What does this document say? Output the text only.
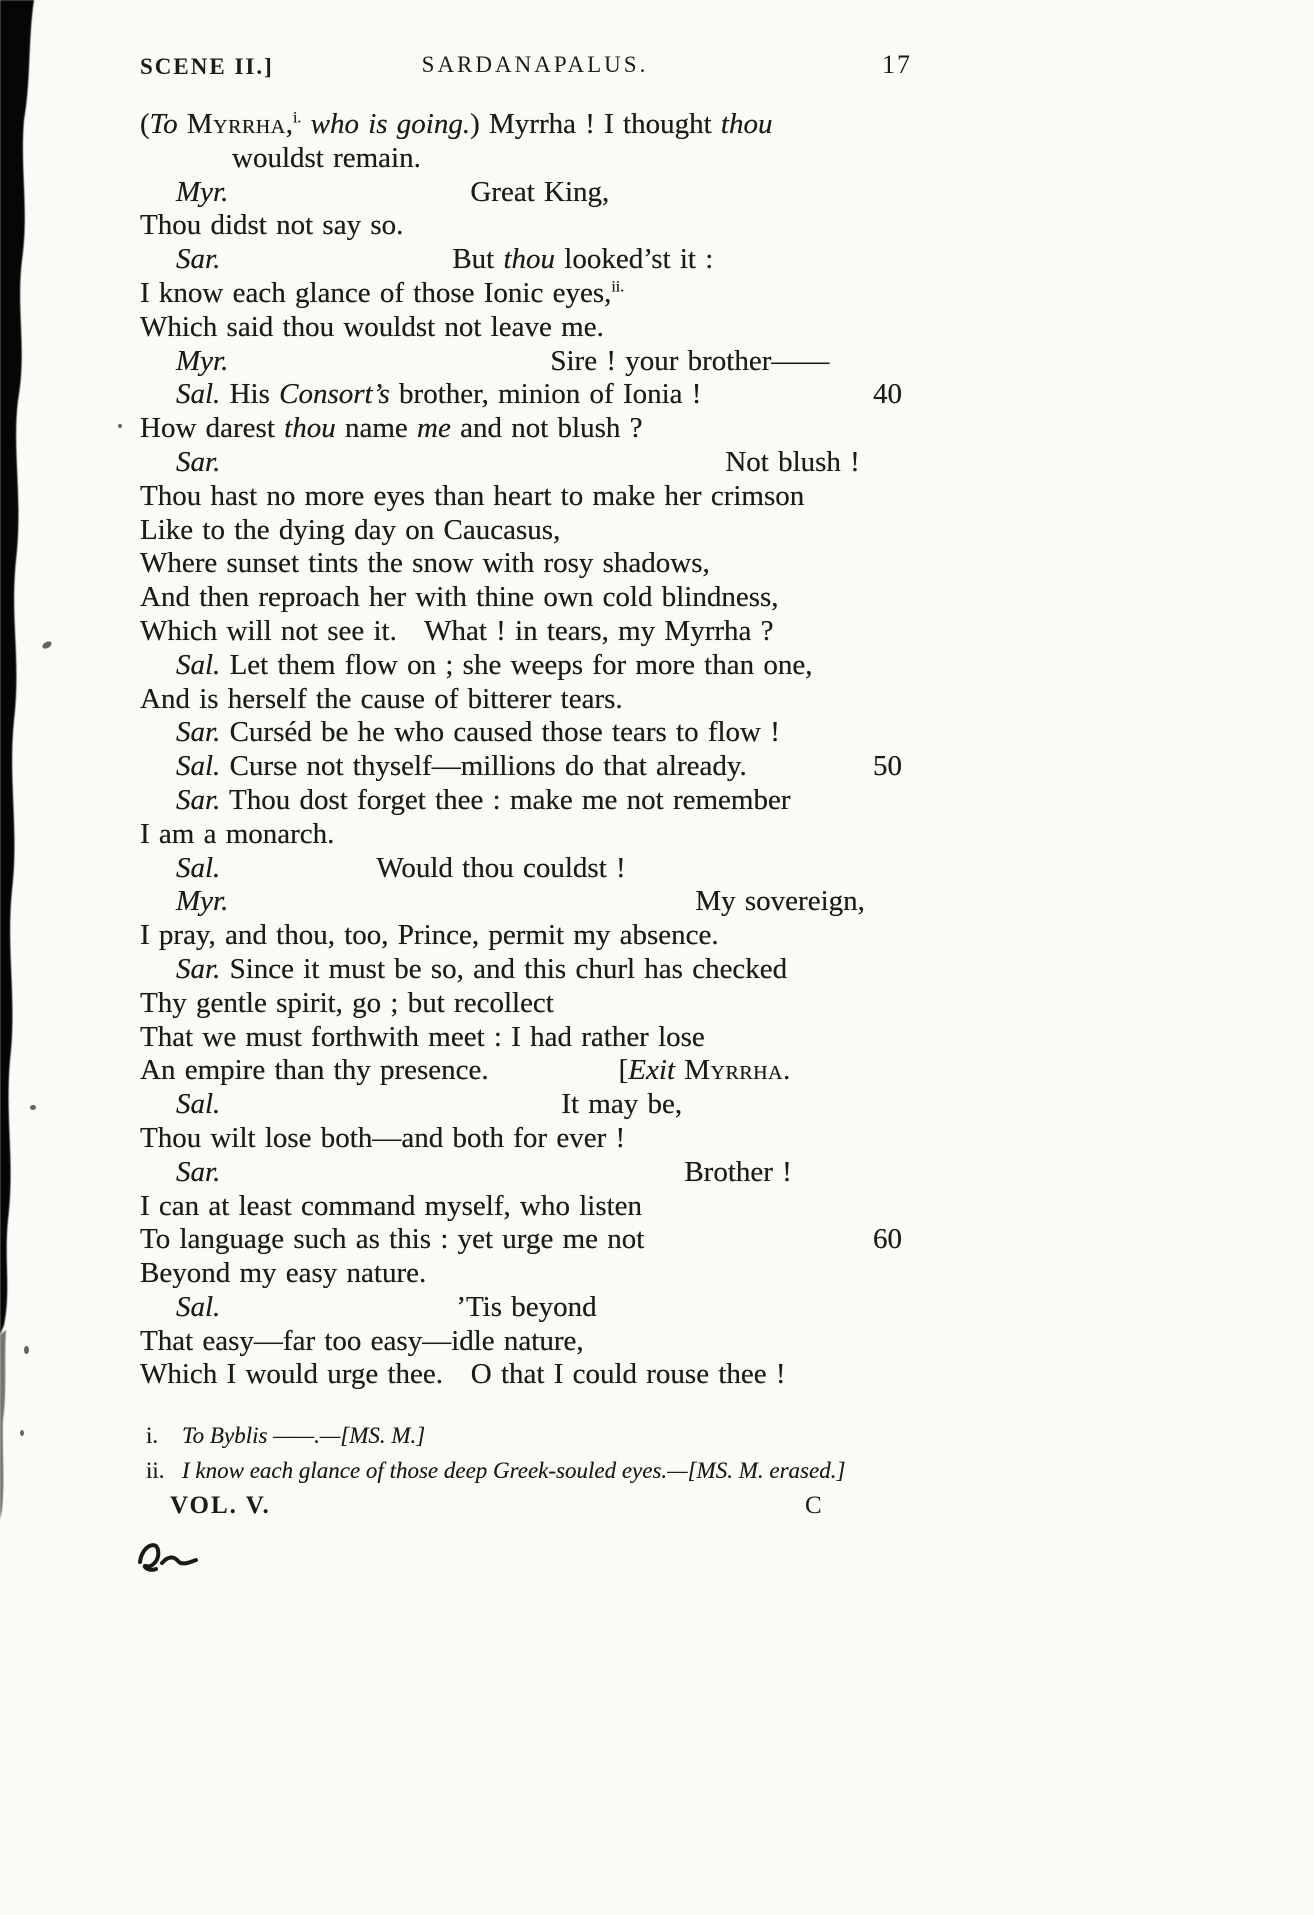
SCENE II.]	SARDANAPALUS.	17
(To Myrrha,$^{i.}$ who is going.) Myrrha ! I thought thou
wouldst remain.
Myr.	Great King,
Thou didst not say so.
Sar.	But thou looked’st it :
I know each glance of those Ionic eyes,$^{ii.}$
Which said thou wouldst not leave me.
Myr.	Sire ! your brother——
Sal. His Consort’s brother, minion of Ionia !	40
How darest thou name me and not blush ?
Sar.	Not blush !
Thou hast no more eyes than heart to make her crimson
Like to the dying day on Caucasus,
Where sunset tints the snow with rosy shadows,
And then reproach her with thine own cold blindness,
Which will not see it.   What ! in tears, my Myrrha ?
Sal. Let them flow on ; she weeps for more than one,
And is herself the cause of bitterer tears.
Sar. Curséd be he who caused those tears to flow !
Sal. Curse not thyself—millions do that already.	50
Sar. Thou dost forget thee : make me not remember
I am a monarch.
Sal.	Would thou couldst !
Myr.	My sovereign,
I pray, and thou, too, Prince, permit my absence.
Sar. Since it must be so, and this churl has checked
Thy gentle spirit, go ; but recollect
That we must forthwith meet : I had rather lose
An empire than thy presence.	[Exit Myrrha.
Sal.	It may be,
Thou wilt lose both—and both for ever !
Sar.	Brother !
I can at least command myself, who listen
To language such as this : yet urge me not	60
Beyond my easy nature.
Sal.	’Tis beyond
That easy—far too easy—idle nature,
Which I would urge thee.   O that I could rouse thee !
i. To Byblis ——.—[MS. M.]
ii. I know each glance of those deep Greek-souled eyes.—[MS. M. erased.]
VOL. V.	C
